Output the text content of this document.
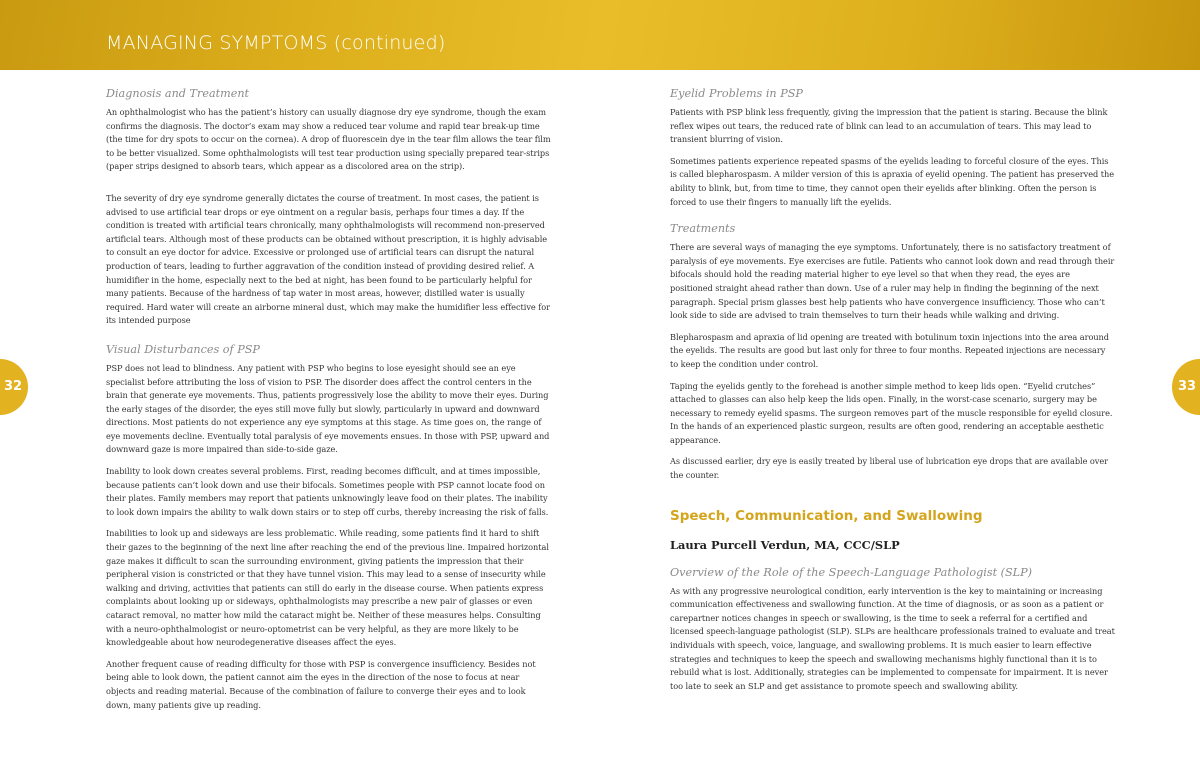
MANAGING SYMPTOMS (continued)
32	33
Diagnosis and Treatment

An ophthalmologist who has the patient’s history can usually diagnose dry eye syndrome, though the exam confirms the diagnosis. The doctor’s exam may show a reduced tear volume and rapid tear break-up time (the time for dry spots to occur on the cornea). A drop of fluorescein dye in the tear film allows the tear film to be better visualized. Some ophthalmologists will test tear production using specially prepared tear-strips (paper strips designed to absorb tears, which appear as a discolored area on the strip).

The severity of dry eye syndrome generally dictates the course of treatment. In most cases, the patient is advised to use artificial tear drops or eye ointment on a regular basis, perhaps four times a day. If the condition is treated with artificial tears chronically, many ophthalmologists will recommend non-preserved artificial tears. Although most of these products can be obtained without prescription, it is highly advisable to consult an eye doctor for advice. Excessive or prolonged use of artificial tears can disrupt the natural production of tears, leading to further aggravation of the condition instead of providing desired relief. A humidifier in the home, especially next to the bed at night, has been found to be particularly helpful for many patients. Because of the hardness of tap water in most areas, however, distilled water is usually required. Hard water will create an airborne mineral dust, which may make the humidifier less effective for its intended purpose

Visual Disturbances of PSP

PSP does not lead to blindness. Any patient with PSP who begins to lose eyesight should see an eye specialist before attributing the loss of vision to PSP. The disorder does affect the control centers in the brain that generate eye movements. Thus, patients progressively lose the ability to move their eyes. During the early stages of the disorder, the eyes still move fully but slowly, particularly in upward and downward directions. Most patients do not experience any eye symptoms at this stage. As time goes on, the range of eye movements decline. Eventually total paralysis of eye movements ensues. In those with PSP, upward and downward gaze is more impaired than side-to-side gaze.

Inability to look down creates several problems. First, reading becomes difficult, and at times impossible, because patients can’t look down and use their bifocals. Sometimes people with PSP cannot locate food on their plates. Family members may report that patients unknowingly leave food on their plates. The inability to look down impairs the ability to walk down stairs or to step off curbs, thereby increasing the risk of falls.

Inabilities to look up and sideways are less problematic. While reading, some patients find it hard to shift their gazes to the beginning of the next line after reaching the end of the previous line. Impaired horizontal gaze makes it difficult to scan the surrounding environment, giving patients the impression that their peripheral vision is constricted or that they have tunnel vision. This may lead to a sense of insecurity while walking and driving, activities that patients can still do early in the disease course. When patients express complaints about looking up or sideways, ophthalmologists may prescribe a new pair of glasses or even cataract removal, no matter how mild the cataract might be. Neither of these measures helps. Consulting with a neuro-ophthalmologist or neuro-optometrist can be very helpful, as they are more likely to be knowledgeable about how neurodegenerative diseases affect the eyes.

Another frequent cause of reading difficulty for those with PSP is convergence insufficiency. Besides not being able to look down, the patient cannot aim the eyes in the direction of the nose to focus at near objects and reading material. Because of the combination of failure to converge their eyes and to look down, many patients give up reading.

Eyelid Problems in PSP

Patients with PSP blink less frequently, giving the impression that the patient is staring. Because the blink reflex wipes out tears, the reduced rate of blink can lead to an accumulation of tears. This may lead to transient blurring of vision.

Sometimes patients experience repeated spasms of the eyelids leading to forceful closure of the eyes. This is called blepharospasm. A milder version of this is apraxia of eyelid opening. The patient has preserved the ability to blink, but, from time to time, they cannot open their eyelids after blinking. Often the person is forced to use their fingers to manually lift the eyelids.

Treatments

There are several ways of managing the eye symptoms. Unfortunately, there is no satisfactory treatment of paralysis of eye movements. Eye exercises are futile. Patients who cannot look down and read through their bifocals should hold the reading material higher to eye level so that when they read, the eyes are positioned straight ahead rather than down. Use of a ruler may help in finding the beginning of the next paragraph. Special prism glasses best help patients who have convergence insufficiency. Those who can’t look side to side are advised to train themselves to turn their heads while walking and driving.

Blepharospasm and apraxia of lid opening are treated with botulinum toxin injections into the area around the eyelids. The results are good but last only for three to four months. Repeated injections are necessary to keep the condition under control.

Taping the eyelids gently to the forehead is another simple method to keep lids open. “Eyelid crutches” attached to glasses can also help keep the lids open. Finally, in the worst-case scenario, surgery may be necessary to remedy eyelid spasms. The surgeon removes part of the muscle responsible for eyelid closure. In the hands of an experienced plastic surgeon, results are often good, rendering an acceptable aesthetic appearance.

As discussed earlier, dry eye is easily treated by liberal use of lubrication eye drops that are available over the counter.

Speech, Communication, and Swallowing
Laura Purcell Verdun, MA, CCC/SLP
Overview of the Role of the Speech-Language Pathologist (SLP)

As with any progressive neurological condition, early intervention is the key to maintaining or increasing communication effectiveness and swallowing function. At the time of diagnosis, or as soon as a patient or carepartner notices changes in speech or swallowing, is the time to seek a referral for a certified and licensed speech-language pathologist (SLP). SLPs are healthcare professionals trained to evaluate and treat individuals with speech, voice, language, and swallowing problems. It is much easier to learn effective strategies and techniques to keep the speech and swallowing mechanisms highly functional than it is to rebuild what is lost. Additionally, strategies can be implemented to compensate for impairment. It is never too late to seek an SLP and get assistance to promote speech and swallowing ability.
